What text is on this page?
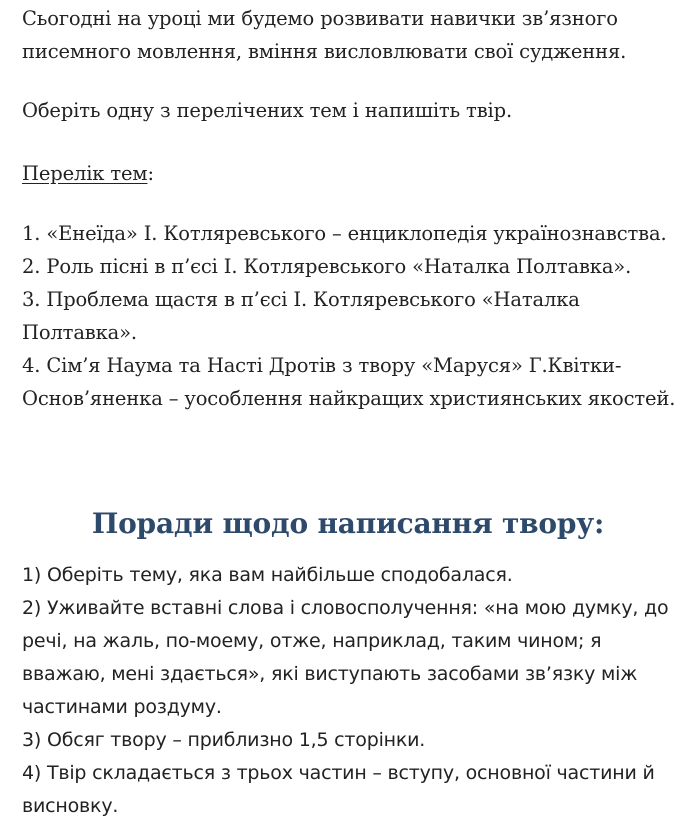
Сьогодні на уроці ми будемо розвивати навички зв’язного писемного мовлення, вміння висловлювати свої судження.

Оберіть одну з перелічених тем і напишіть твір.

Перелік тем:

1. «Енеїда» І. Котляревського – енциклопедія українознавства.
2. Роль пісні в п’єсі І. Котляревського «Наталка Полтавка».
3. Проблема щастя в п’єсі І. Котляревського «Наталка Полтавка».
4. Сім’я Наума та Насті Дротів з твору «Маруся» Г.Квітки-Основ’яненка – уособлення найкращих християнських якостей.
Поради щодо написання твору:
1) Оберіть тему, яка вам найбільше сподобалася.
2) Уживайте вставні слова і словосполучення: «на мою думку, до речі, на жаль, по-моему, отже, наприклад, таким чином; я вважаю, мені здається», які виступають засобами зв’язку між частинами роздуму.
3) Обсяг твору – приблизно 1,5 сторінки.
4) Твір складається з трьох частин – вступу, основної частини й висновку.
